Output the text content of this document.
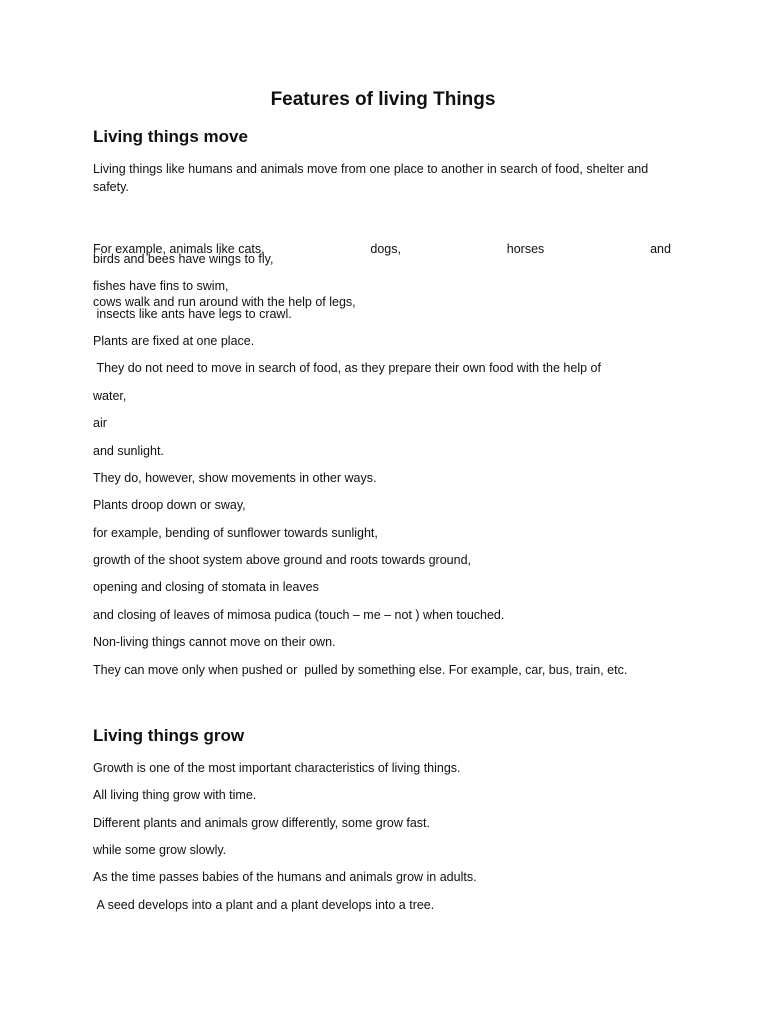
Features of living Things
Living things move

Living things like humans and animals move from one place to another in search of food, shelter and safety.

For example, animals like cats,	dogs,	horses	and

cows walk and run around with the help of legs,

birds and bees have wings to fly,

fishes have fins to swim,

insects like ants have legs to crawl.

Plants are fixed at one place.

They do not need to move in search of food, as they prepare their own food with the help of

water,

air

and sunlight.

They do, however, show movements in other ways.

Plants droop down or sway,

for example, bending of sunflower towards sunlight,

growth of the shoot system above ground and roots towards ground,

opening and closing of stomata in leaves

and closing of leaves of mimosa pudica (touch – me – not ) when touched.

Non-living things cannot move on their own.

They can move only when pushed or  pulled by something else. For example, car, bus, train, etc.

Living things grow

Growth is one of the most important characteristics of living things.

All living thing grow with time.

Different plants and animals grow differently, some grow fast.

while some grow slowly.

As the time passes babies of the humans and animals grow in adults.

A seed develops into a plant and a plant develops into a tree.
